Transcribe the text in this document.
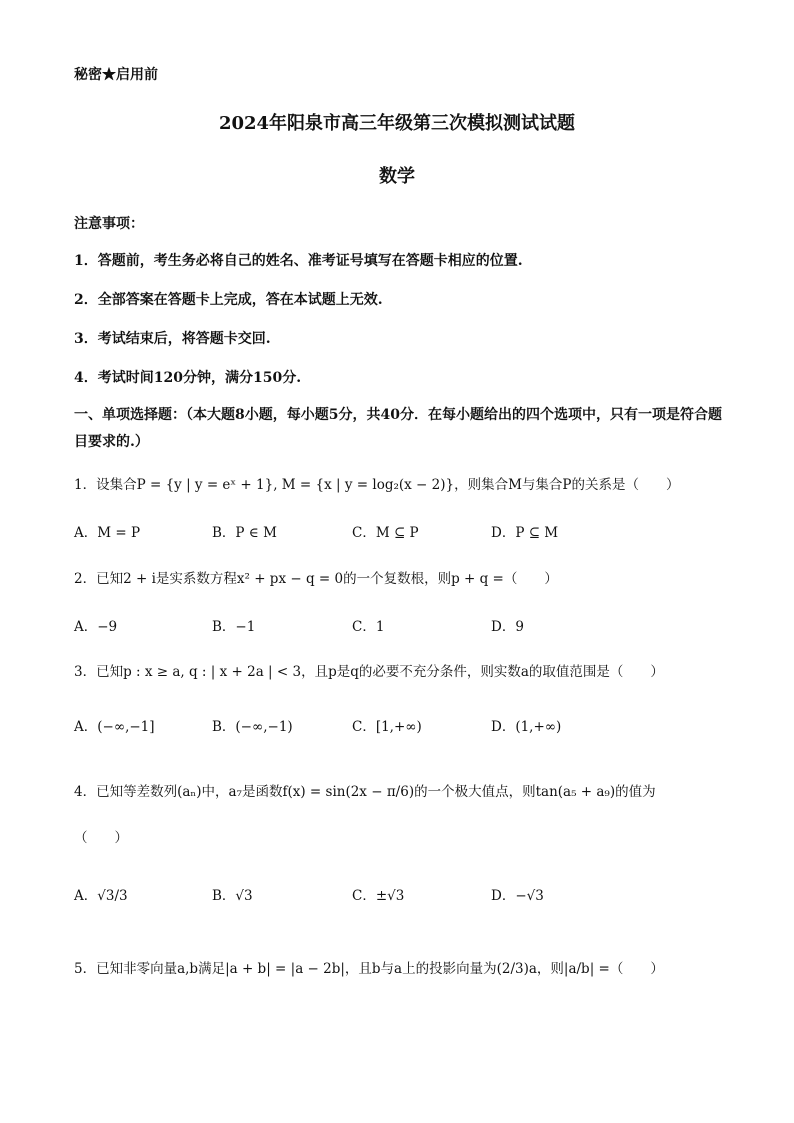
秘密★启用前
2024年阳泉市高三年级第三次模拟测试试题
数学
注意事项：
1．答题前，考生务必将自己的姓名、准考证号填写在答题卡相应的位置.
2．全部答案在答题卡上完成，答在本试题上无效.
3．考试结束后，将答题卡交回.
4．考试时间120分钟，满分150分.
一、单项选择题：（本大题8小题，每小题5分，共40分．在每小题给出的四个选项中，只有一项是符合题目要求的.）
1．设集合P = {y | y = eˣ + 1}, M = {x | y = log₂(x − 2)}，则集合M与集合P的关系是（　　）
A．M = P	B．P ∈ M	C．M ⊆ P	D．P ⊆ M
2．已知2 + i是实系数方程x² + px − q = 0的一个复数根，则p + q =（　　）
A．−9	B．−1	C．1	D．9
3．已知p : x ≥ a, q : | x + 2a | < 3，且p是q的必要不充分条件，则实数a的取值范围是（　　）
A．(−∞,−1]	B．(−∞,−1)	C．[1,+∞)	D．(1,+∞)
4．已知等差数列(aₙ)中，a₇是函数f(x) = sin(2x − π/6)的一个极大值点，则tan(a₅ + a₉)的值为
（　　）
A．√3/3	B．√3	C．±√3	D．−√3
5．已知非零向量a,b满足|a + b| = |a − 2b|，且b与a上的投影向量为(2/3)a，则|a/b| =（　　）
